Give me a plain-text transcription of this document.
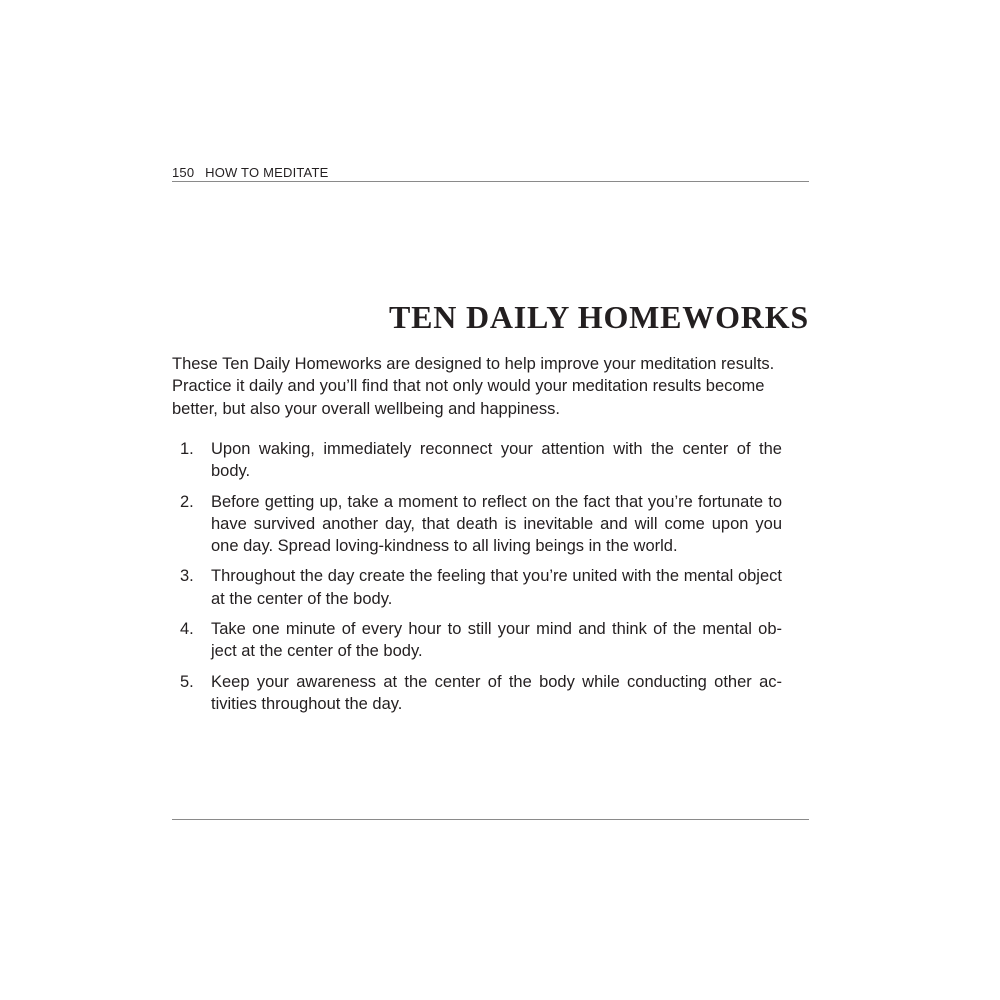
150 HOW TO MEDITATE
TEN DAILY HOMEWORKS

These Ten Daily Homeworks are designed to help improve your meditation results. Practice it daily and you’ll find that not only would your meditation results become better, but also your overall wellbeing and happiness.

1. Upon waking, immediately reconnect your attention with the center of the body.
2. Before getting up, take a moment to reflect on the fact that you’re fortunate to have survived another day, that death is inevitable and will come upon you one day. Spread loving-kindness to all living beings in the world.
3. Throughout the day create the feeling that you’re united with the mental object at the center of the body.
4. Take one minute of every hour to still your mind and think of the mental ob-ject at the center of the body.
5. Keep your awareness at the center of the body while conducting other ac-tivities throughout the day.
